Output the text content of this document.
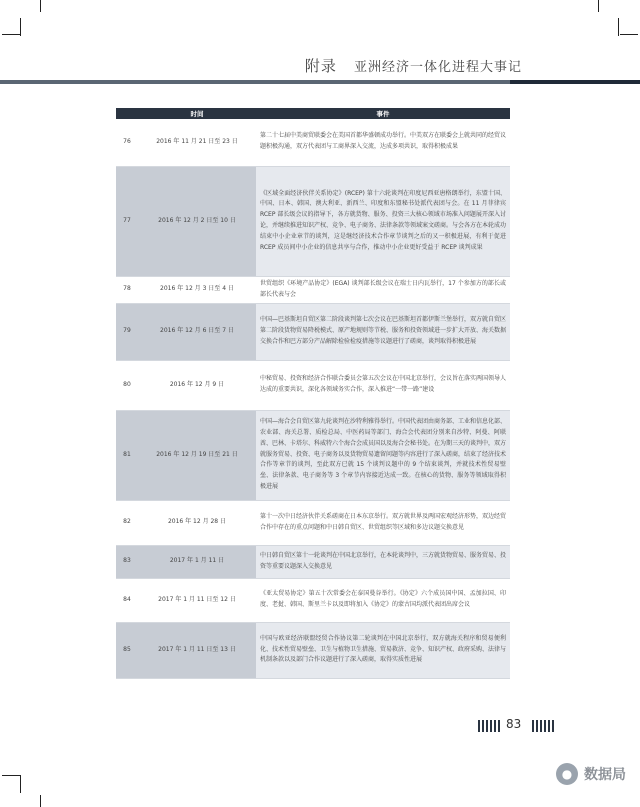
附录 亚洲经济一体化进程大事记
	时间	事件
76	2016 年 11 月 21 日至 23 日	第二十七届中美商贸联委会在美国首都华盛顿成功举行。中美双方在联委会上就共同的经贸议题积极沟通，双方代表团与工商界深入交流，达成多项共识，取得积极成果
77	2016 年 12 月 2 日至 10 日	《区域全面经济伙伴关系协定》(RCEP) 第十六轮谈判在印度尼西亚唐格朗举行，东盟十国、中国、日本、韩国、澳大利亚、新西兰、印度和东盟秘书处派代表团与会。在 11 月菲律宾 RCEP 部长级会议的指导下，各方就货物、服务、投资三大核心领域市场准入问题展开深入讨论，并继续推进知识产权、竞争、电子商务、法律条款等领域案文磋商。与会各方在本轮成功结束中小企业章节的谈判，这是继经济技术合作章节谈判之后的又一积极进展，有利于促进 RCEP 成员间中小企业的信息共享与合作，推动中小企业更好受益于 RCEP 谈判成果
78	2016 年 12 月 3 日至 4 日	世贸组织《环境产品协定》(EGA) 谈判部长级会议在瑞士日内瓦举行，17 个参加方的部长或部长代表与会
79	2016 年 12 月 6 日至 7 日	中国—巴基斯坦自贸区第二阶段谈判第七次会议在巴基斯坦首都伊斯兰堡举行，双方就自贸区第二阶段货物贸易降税模式、原产地规则等节税、服务和投资领域进一步扩大开放、海关数据交换合作和巴方部分产品解除检验检疫措施等议题进行了磋商，谈判取得积极进展
80	2016 年 12 月 9 日	中秘贸易、投资和经济合作联合委员会第五次会议在中国北京举行，会议旨在落实两国领导人达成的重要共识，深化各领域务实合作，深入推进“一带一路”建设
81	2016 年 12 月 19 日至 21 日	中国—海合会自贸区第九轮谈判在沙特利雅得举行。中国代表团由商务部、工业和信息化部、农业部、海关总署、质检总局、中医药局等部门、海合会代表团分别来自沙特、阿曼、阿联酋、巴林、卡塔尔、科威特六个海合会成员国以及海合会秘书处。在为期三天的谈判中，双方就服务贸易、投资、电子商务以及货物贸易遗留问题等内容进行了深入磋商，结束了经济技术合作等章节的谈判，至此双方已就 15 个谈判议题中的 9 个结束谈判，并就技术性贸易壁垒、法律条款、电子商务等 3 个章节内容接近达成一致。在核心的货物、服务等领域取得积极进展
82	2016 年 12 月 28 日	第十一次中日经济伙伴关系磋商在日本东京举行。双方就世界及两国宏观经济形势，双边经贸合作中存在的重点问题和中日韩自贸区、世贸组织等区域和多边议题交换意见
83	2017 年 1 月 11 日	中日韩自贸区第十一轮谈判在中国北京举行，在本轮谈判中，三方就货物贸易、服务贸易、投资等重要议题深入交换意见
84	2017 年 1 月 11 日至 12 日	《亚太贸易协定》第五十次常委会在泰国曼谷举行。《协定》六个成员国中国、孟加拉国、印度、老挝、韩国、斯里兰卡以及即将加入《协定》的蒙古国均派代表团出席会议
85	2017 年 1 月 11 日至 13 日	中国与欧亚经济联盟经贸合作协议第二轮谈判在中国北京举行，双方就海关程序和贸易便利化、技术性贸易壁垒、卫生与植物卫生措施、贸易救济、竞争、知识产权、政府采购、法律与机制条款以及部门合作议题进行了深入磋商，取得实质性进展
83
● 数据局
